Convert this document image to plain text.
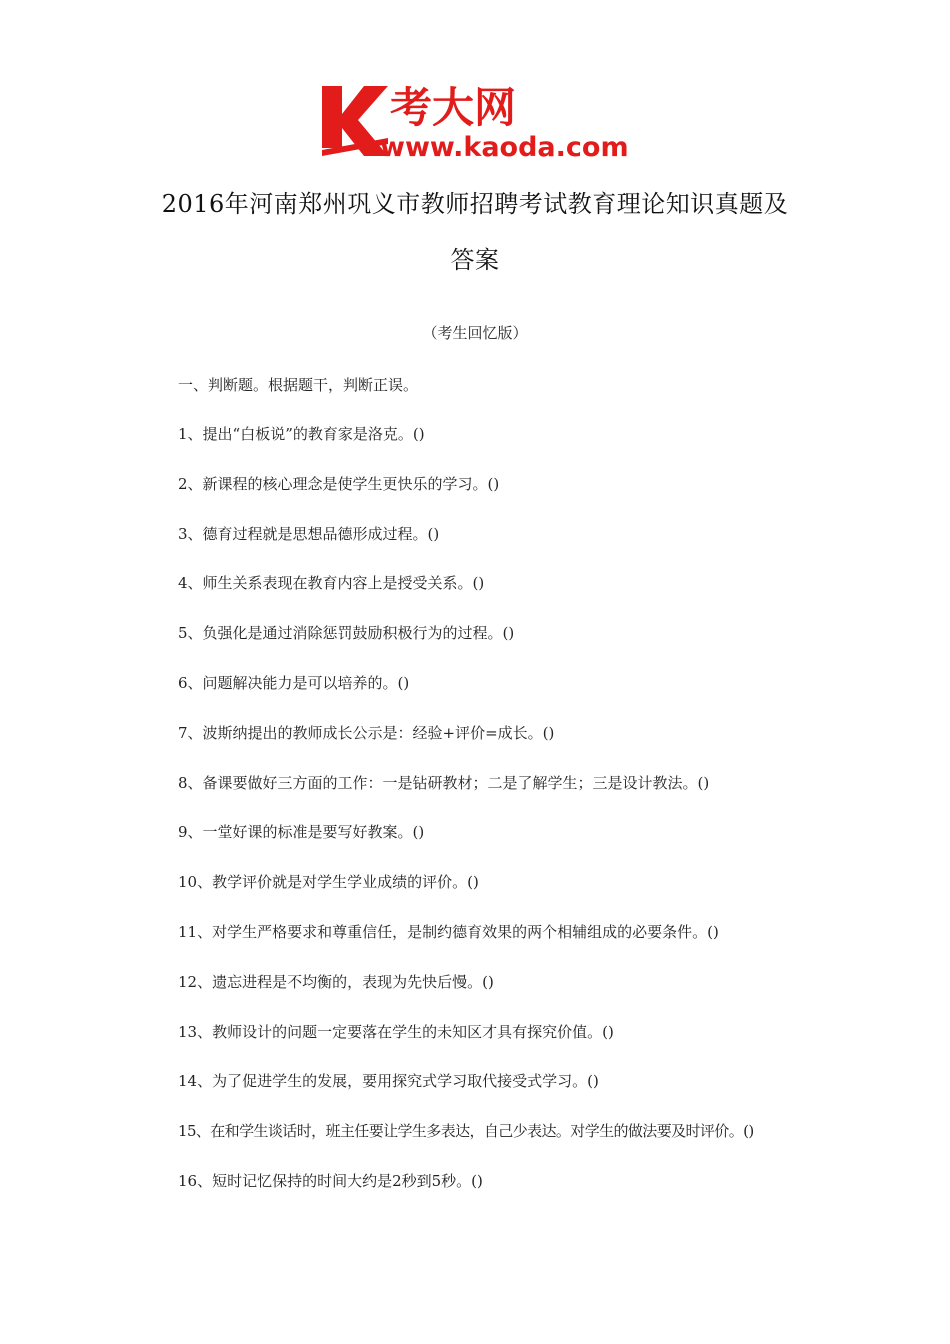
考大网
www.kaoda.com
2016年河南郑州巩义市教师招聘考试教育理论知识真题及
答案
（考生回忆版）
一、判断题。根据题干，判断正误。
1、提出“白板说”的教育家是洛克。()
2、新课程的核心理念是使学生更快乐的学习。()
3、德育过程就是思想品德形成过程。()
4、师生关系表现在教育内容上是授受关系。()
5、负强化是通过消除惩罚鼓励积极行为的过程。()
6、问题解决能力是可以培养的。()
7、波斯纳提出的教师成长公示是：经验+评价=成长。()
8、备课要做好三方面的工作：一是钻研教材；二是了解学生；三是设计教法。()
9、一堂好课的标准是要写好教案。()
10、教学评价就是对学生学业成绩的评价。()
11、对学生严格要求和尊重信任，是制约德育效果的两个相辅组成的必要条件。()
12、遗忘进程是不均衡的，表现为先快后慢。()
13、教师设计的问题一定要落在学生的未知区才具有探究价值。()
14、为了促进学生的发展，要用探究式学习取代接受式学习。()
15、在和学生谈话时，班主任要让学生多表达，自己少表达。对学生的做法要及时评价。()
16、短时记忆保持的时间大约是2秒到5秒。()
